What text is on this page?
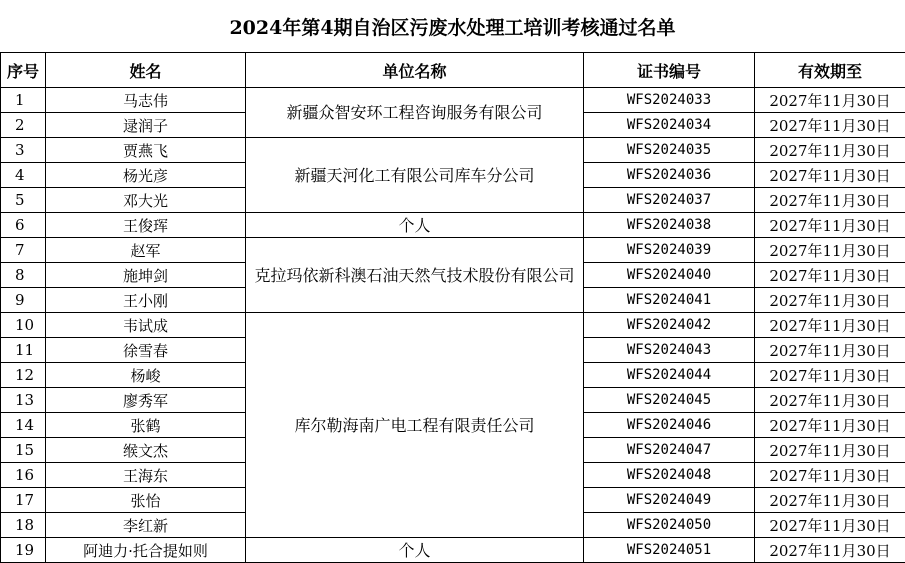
2024年第4期自治区污废水处理工培训考核通过名单
序号	姓名	单位名称	证书编号	有效期至
1	马志伟	新疆众智安环工程咨询服务有限公司	WFS2024033	2027年11月30日
2	逯润子		WFS2024034	2027年11月30日
3	贾燕飞	新疆天河化工有限公司库车分公司	WFS2024035	2027年11月30日
4	杨光彦		WFS2024036	2027年11月30日
5	邓大光		WFS2024037	2027年11月30日
6	王俊珲	个人	WFS2024038	2027年11月30日
7	赵军	克拉玛依新科澳石油天然气技术股份有限公司	WFS2024039	2027年11月30日
8	施坤剑		WFS2024040	2027年11月30日
9	王小刚		WFS2024041	2027年11月30日
10	韦试成	库尔勒海南广电工程有限责任公司	WFS2024042	2027年11月30日
11	徐雪春		WFS2024043	2027年11月30日
12	杨峻		WFS2024044	2027年11月30日
13	廖秀军		WFS2024045	2027年11月30日
14	张鹤		WFS2024046	2027年11月30日
15	缑文杰		WFS2024047	2027年11月30日
16	王海东		WFS2024048	2027年11月30日
17	张怡		WFS2024049	2027年11月30日
18	李红新		WFS2024050	2027年11月30日
19	阿迪力·托合提如则	个人	WFS2024051	2027年11月30日
